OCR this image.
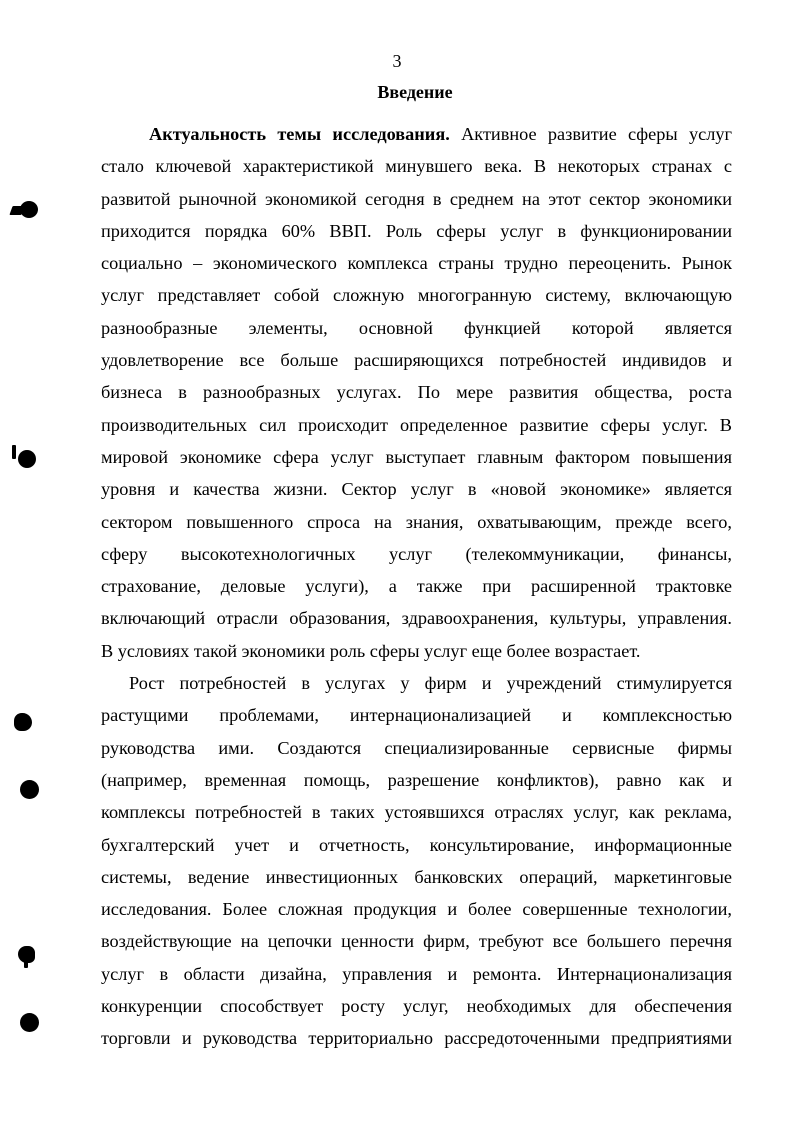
3
Введение
Актуальность темы исследования. Активное развитие сферы услуг
стало ключевой характеристикой минувшего века. В некоторых странах с
развитой рыночной экономикой сегодня в среднем на этот сектор экономики
приходится порядка 60% ВВП. Роль сферы услуг в функционировании
социально – экономического комплекса страны трудно переоценить. Рынок
услуг представляет собой сложную многогранную систему, включающую
разнообразные элементы, основной функцией которой является
удовлетворение все больше расширяющихся потребностей индивидов и
бизнеса в разнообразных услугах. По мере развития общества, роста
производительных сил происходит определенное развитие сферы услуг. В
мировой экономике сфера услуг выступает главным фактором повышения
уровня и качества жизни. Сектор услуг в «новой экономике» является
сектором повышенного спроса на знания, охватывающим, прежде всего,
сферу высокотехнологичных услуг (телекоммуникации, финансы,
страхование, деловые услуги), а также при расширенной трактовке
включающий отрасли образования, здравоохранения, культуры, управления.
В условиях такой экономики роль сферы услуг еще более возрастает.
Рост потребностей в услугах у фирм и учреждений стимулируется
растущими проблемами, интернационализацией и комплексностью
руководства ими. Создаются специализированные сервисные фирмы
(например, временная помощь, разрешение конфликтов), равно как и
комплексы потребностей в таких устоявшихся отраслях услуг, как реклама,
бухгалтерский учет и отчетность, консультирование, информационные
системы, ведение инвестиционных банковских операций, маркетинговые
исследования. Более сложная продукция и более совершенные технологии,
воздействующие на цепочки ценности фирм, требуют все большего перечня
услуг в области дизайна, управления и ремонта. Интернационализация
конкуренции способствует росту услуг, необходимых для обеспечения
торговли и руководства территориально рассредоточенными предприятиями
